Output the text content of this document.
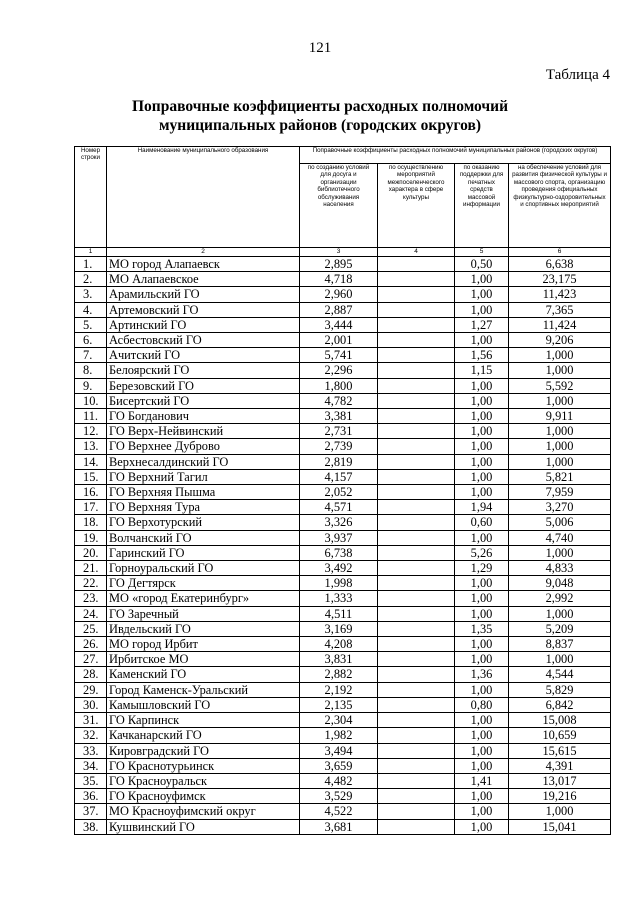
121
Таблица 4
Поправочные коэффициенты расходных полномочий
муниципальных районов (городских округов)
Номер строки	Наименование муниципального образования	Поправочные коэффициенты расходных полномочий муниципальных районов (городских округов)			
		по созданию условий для досуга и организации библиотечного обслуживания населения	по осуществлению мероприятий межпоселенческого характера в сфере культуры	по оказанию поддержки для печатных средств массовой информации	на обеспечение условий для развития физической культуры и массового спорта, организацию проведения официальных физкультурно-оздоровительных и спортивных мероприятий
1	2	3	4	5	6
1.	МО город Алапаевск	2,895		0,50	6,638
2.	МО Алапаевское	4,718		1,00	23,175
3.	Арамильский ГО	2,960		1,00	11,423
4.	Артемовский ГО	2,887		1,00	7,365
5.	Артинский ГО	3,444		1,27	11,424
6.	Асбестовский ГО	2,001		1,00	9,206
7.	Ачитский ГО	5,741		1,56	1,000
8.	Белоярский ГО	2,296		1,15	1,000
9.	Березовский ГО	1,800		1,00	5,592
10.	Бисертский ГО	4,782		1,00	1,000
11.	ГО Богданович	3,381		1,00	9,911
12.	ГО Верх-Нейвинский	2,731		1,00	1,000
13.	ГО Верхнее Дуброво	2,739		1,00	1,000
14.	Верхнесалдинский ГО	2,819		1,00	1,000
15.	ГО Верхний Тагил	4,157		1,00	5,821
16.	ГО Верхняя Пышма	2,052		1,00	7,959
17.	ГО Верхняя Тура	4,571		1,94	3,270
18.	ГО Верхотурский	3,326		0,60	5,006
19.	Волчанский ГО	3,937		1,00	4,740
20.	Гаринский ГО	6,738		5,26	1,000
21.	Горноуральский ГО	3,492		1,29	4,833
22.	ГО Дегтярск	1,998		1,00	9,048
23.	МО «город Екатеринбург»	1,333		1,00	2,992
24.	ГО Заречный	4,511		1,00	1,000
25.	Ивдельский ГО	3,169		1,35	5,209
26.	МО город Ирбит	4,208		1,00	8,837
27.	Ирбитское МО	3,831		1,00	1,000
28.	Каменский ГО	2,882		1,36	4,544
29.	Город Каменск-Уральский	2,192		1,00	5,829
30.	Камышловский ГО	2,135		0,80	6,842
31.	ГО Карпинск	2,304		1,00	15,008
32.	Качканарский ГО	1,982		1,00	10,659
33.	Кировградский ГО	3,494		1,00	15,615
34.	ГО Краснотурьинск	3,659		1,00	4,391
35.	ГО Красноуральск	4,482		1,41	13,017
36.	ГО Красноуфимск	3,529		1,00	19,216
37.	МО Красноуфимский округ	4,522		1,00	1,000
38.	Кушвинский ГО	3,681		1,00	15,041
